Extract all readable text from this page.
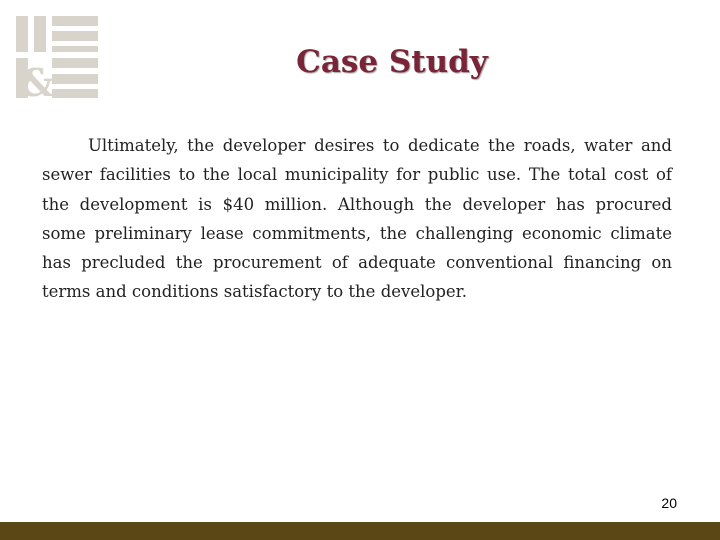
&	Case Study

Ultimately, the developer desires to dedicate the roads, water and sewer facilities to the local municipality for public use. The total cost of the development is $40 million. Although the developer has procured some preliminary lease commitments, the challenging economic climate has precluded the procurement of adequate conventional financing on terms and conditions satisfactory to the developer.

20
